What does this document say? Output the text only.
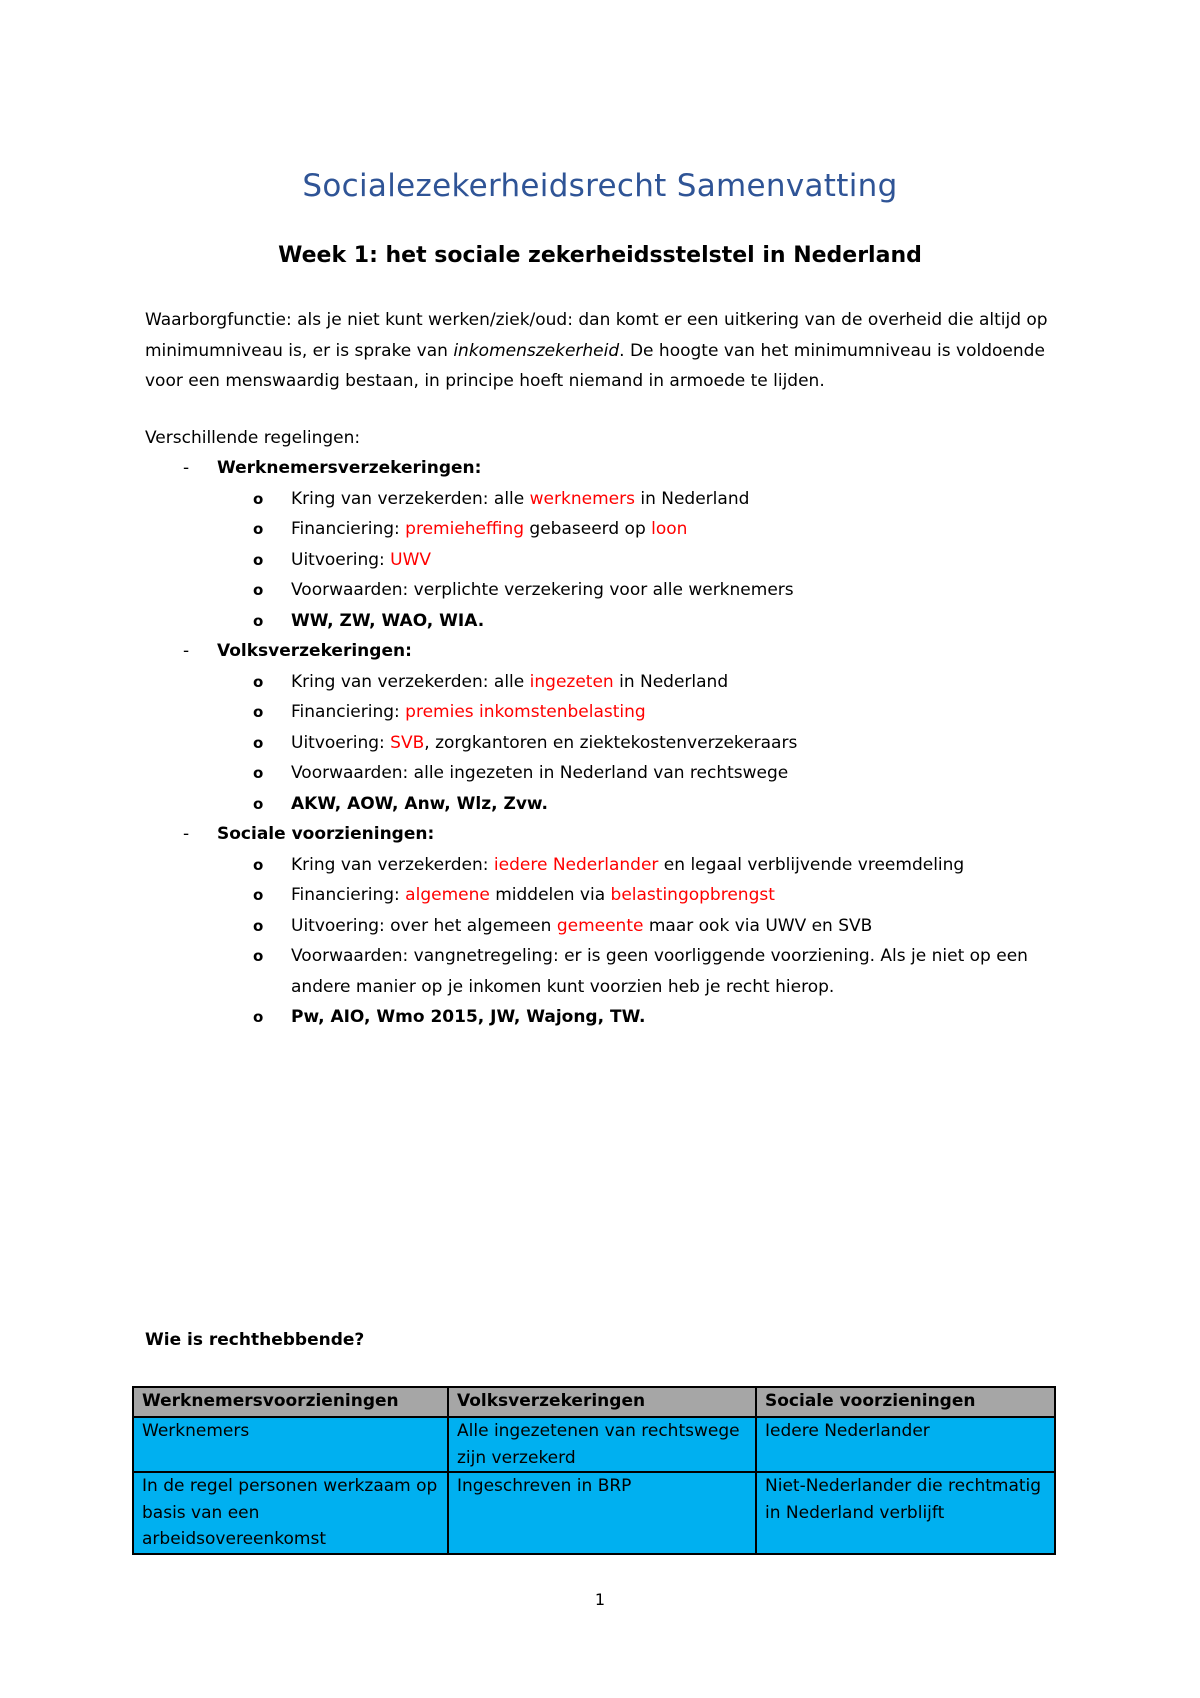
Socialezekerheidsrecht Samenvatting
Week 1: het sociale zekerheidsstelstel in Nederland
Waarborgfunctie: als je niet kunt werken/ziek/oud: dan komt er een uitkering van de overheid die altijd op minimumniveau is, er is sprake van inkomenszekerheid. De hoogte van het minimumniveau is voldoende voor een menswaardig bestaan, in principe hoeft niemand in armoede te lijden.
Verschillende regelingen:
- Werknemersverzekeringen:
o Kring van verzekerden: alle werknemers in Nederland
o Financiering: premieheffing gebaseerd op loon
o Uitvoering: UWV
o Voorwaarden: verplichte verzekering voor alle werknemers
o WW, ZW, WAO, WIA.
- Volksverzekeringen:
o Kring van verzekerden: alle ingezeten in Nederland
o Financiering: premies inkomstenbelasting
o Uitvoering: SVB, zorgkantoren en ziektekostenverzekeraars
o Voorwaarden: alle ingezeten in Nederland van rechtswege
o AKW, AOW, Anw, Wlz, Zvw.
- Sociale voorzieningen:
o Kring van verzekerden: iedere Nederlander en legaal verblijvende vreemdeling
o Financiering: algemene middelen via belastingopbrengst
o Uitvoering: over het algemeen gemeente maar ook via UWV en SVB
o Voorwaarden: vangnetregeling: er is geen voorliggende voorziening. Als je niet op een andere manier op je inkomen kunt voorzien heb je recht hierop.
o Pw, AIO, Wmo 2015, JW, Wajong, TW.
Wie is rechthebbende?
Werknemersvoorzieningen	Volksverzekeringen	Sociale voorzieningen
Werknemers	Alle ingezetenen van rechtswege zijn verzekerd	Iedere Nederlander
In de regel personen werkzaam op basis van een arbeidsovereenkomst	Ingeschreven in BRP	Niet-Nederlander die rechtmatig in Nederland verblijft
1
